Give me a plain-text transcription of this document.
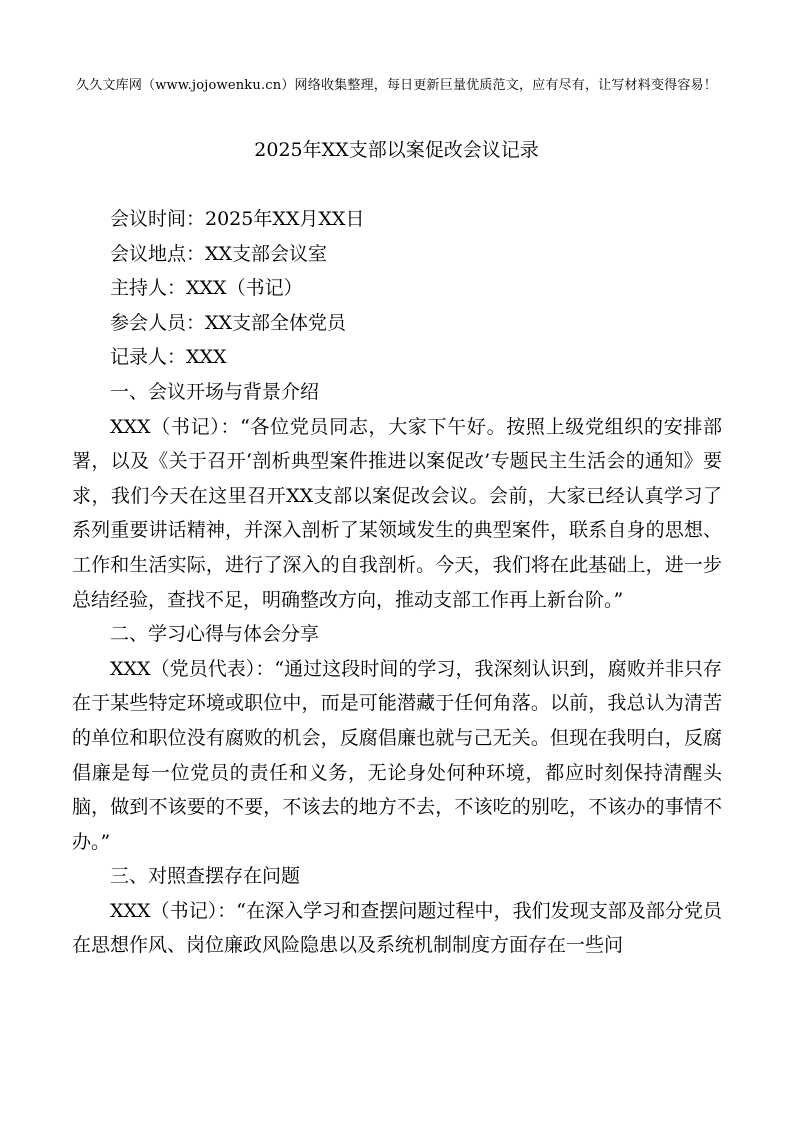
久久文库网（www.jojowenku.cn）网络收集整理，每日更新巨量优质范文，应有尽有，让写材料变得容易！
2025年XX支部以案促改会议记录

会议时间：2025年XX月XX日

会议地点：XX支部会议室

主持人：XXX（书记）

参会人员：XX支部全体党员

记录人：XXX

一、会议开场与背景介绍

XXX（书记）：“各位党员同志，大家下午好。按照上级党组织的安排部署，以及《关于召开‘剖析典型案件推进以案促改’专题民主生活会的通知》要求，我们今天在这里召开XX支部以案促改会议。会前，大家已经认真学习了系列重要讲话精神，并深入剖析了某领域发生的典型案件，联系自身的思想、工作和生活实际，进行了深入的自我剖析。今天，我们将在此基础上，进一步总结经验，查找不足，明确整改方向，推动支部工作再上新台阶。”

二、学习心得与体会分享

XXX（党员代表）：“通过这段时间的学习，我深刻认识到，腐败并非只存在于某些特定环境或职位中，而是可能潜藏于任何角落。以前，我总认为清苦的单位和职位没有腐败的机会，反腐倡廉也就与己无关。但现在我明白，反腐倡廉是每一位党员的责任和义务，无论身处何种环境，都应时刻保持清醒头脑，做到不该要的不要，不该去的地方不去，不该吃的别吃，不该办的事情不办。”

三、对照查摆存在问题

XXX（书记）：“在深入学习和查摆问题过程中，我们发现支部及部分党员在思想作风、岗位廉政风险隐患以及系统机制制度方面存在一些问
